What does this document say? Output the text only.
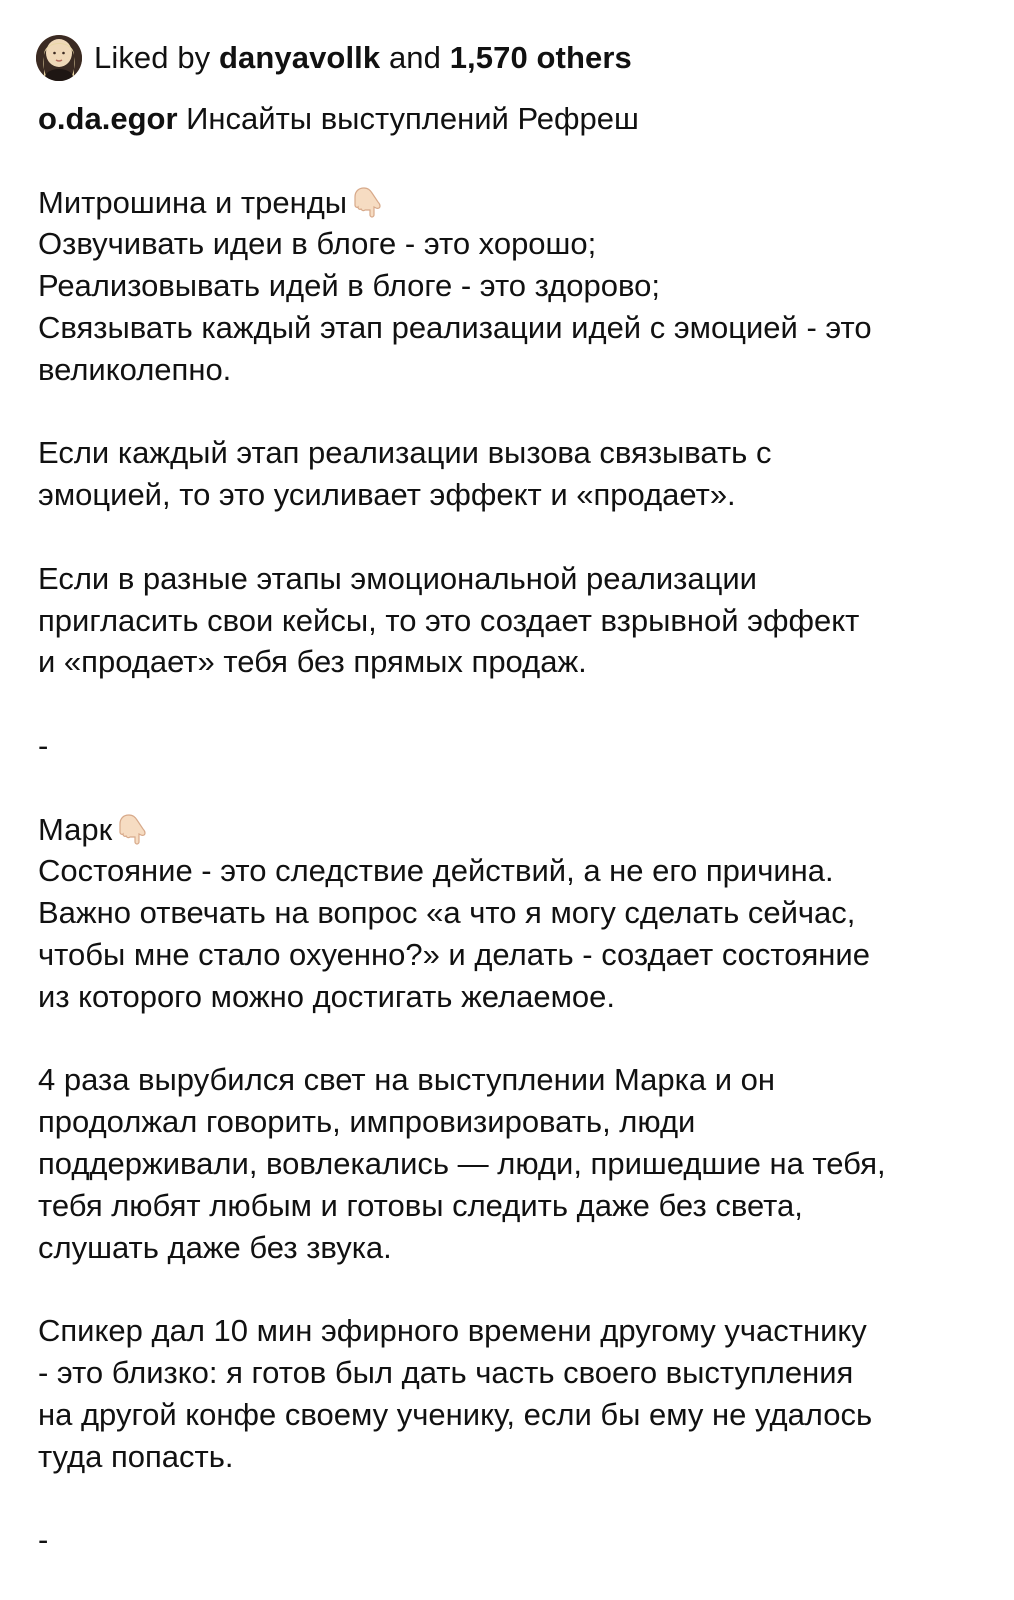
Liked by danyavollk and 1,570 others
o.da.egor Инсайты выступлений Рефреш
Митрошина и тренды
Озвучивать идеи в блоге - это хорошо;
Реализовывать идей в блоге - это здорово;
Связывать каждый этап реализации идей с эмоцией - это
великолепно.
Если каждый этап реализации вызова связывать с
эмоцией, то это усиливает эффект и «продает».
Если в разные этапы эмоциональной реализации
пригласить свои кейсы, то это создает взрывной эффект
и «продает» тебя без прямых продаж.
-
Марк
Состояние - это следствие действий, а не его причина.
Важно отвечать на вопрос «а что я могу сделать сейчас,
чтобы мне стало охуенно?» и делать - создает состояние
из которого можно достигать желаемое.
4 раза вырубился свет на выступлении Марка и он
продолжал говорить, импровизировать, люди
поддерживали, вовлекались — люди, пришедшие на тебя,
тебя любят любым и готовы следить даже без света,
слушать даже без звука.
Спикер дал 10 мин эфирного времени другому участнику
- это близко: я готов был дать часть своего выступления
на другой конфе своему ученику, если бы ему не удалось
туда попасть.
-
